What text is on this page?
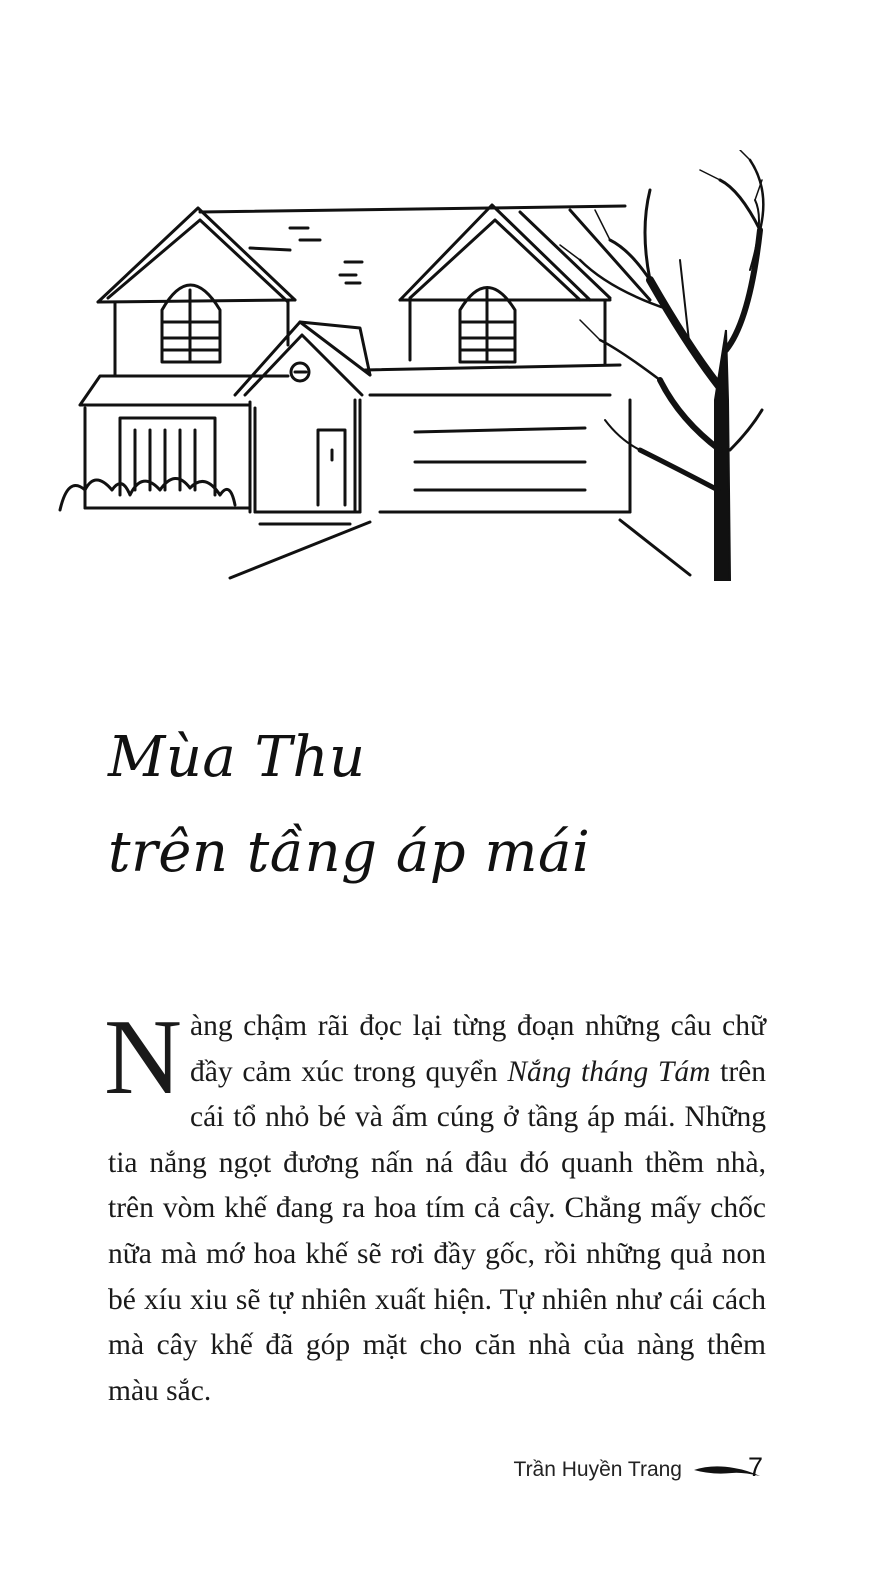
Mùa Thu
trên tầng áp mái

Nàng chậm rãi đọc lại từng đoạn những câu chữ đầy cảm xúc trong quyển Nắng tháng Tám trên cái tổ nhỏ bé và ấm cúng ở tầng áp mái. Những tia nắng ngọt đương nấn ná đâu đó quanh thềm nhà, trên vòm khế đang ra hoa tím cả cây. Chẳng mấy chốc nữa mà mớ hoa khế sẽ rơi đầy gốc, rồi những quả non bé xíu xiu sẽ tự nhiên xuất hiện. Tự nhiên như cái cách mà cây khế đã góp mặt cho căn nhà của nàng thêm màu sắc.

Trần Huyền Trang 7
